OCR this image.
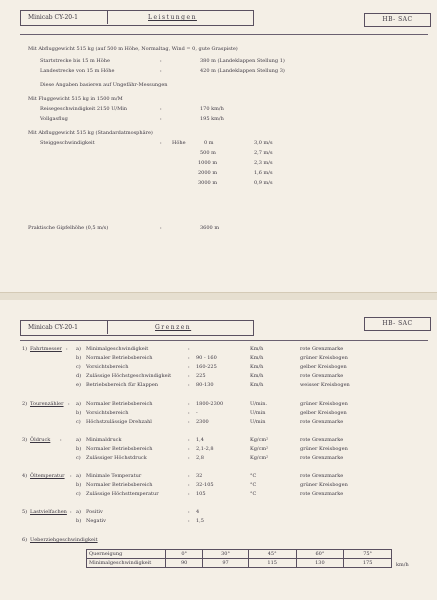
Minicab CY-20-1	Leistungen	HB- SAC
Mit Abfluggewicht 515 kg (auf 500 m Höhe, Normaltag, Wind = 0, gute Graspiste)
Startstrecke bis 15 m Höhe	:	380 m (Landeklappen Stellung 1)
Landestrecke von 15 m Höhe	:	420 m (Landeklappen Stellung 3)
Diese Angaben basieren auf Ungefähr-Messungen
Mit Fluggewicht 515 kg in 1500 m/M
Reisegeschwindigkeit 2150 U/Min	:	170 km/h
Vollgasflug	:	195 km/h
Mit Abfluggewicht 515 kg (Standardatmosphäre)
Steiggeschwindigkeit	: Höhe	0 m	3,0 m/s
500 m	2,7 m/s
1000 m	2,3 m/s
2000 m	1,6 m/s
3000 m	0,9 m/s
Praktische Gipfelhöhe (0,5 m/s)	:	3600 m
Minicab CY-20-1	Grenzen
HB- SAC
1) Fahrtmesser : a) Minimalgeschwindigkeit	:	Km/h	rote Grenzmarke
b) Normaler Betriebsbereich	: 90 - 160	Km/h	grüner Kreisbogen
c) Vorsichtsbereich	: 160-225	Km/h	gelber Kreisbogen
d) Zulässige Höchstgeschwindigkeit	: 225	Km/h	rote Grenzmarke
e) Betriebsbereich für Klappen	: 80-130	Km/h	weisser Kreisbogen
2) Tourenzähler : a) Normaler Betriebsbereich	: 1800-2300	U/min.	grüner Kreisbogen
b) Vorsichtsbereich	: -	U/min	gelber Kreisbogen
c) Höchstzulässige Drehzahl	: 2300	U/min	rote Grenzmarke
3) Öldruck :	a) Minimaldruck	: 1,4	Kg/cm²	rote Grenzmarke
b) Normaler Betriebsbereich	: 2,1-2,8	Kg/cm²	grüner Kreisbogen
c) Zulässiger Höchstdruck	: 2,8	Kg/cm²	rote Grenzmarke
4) Öltemperatur : a) Minimale Temperatur	: 32	°C	rote Grenzmarke
b) Normaler Betriebsbereich	: 32-105	°C	grüner Kreisbogen
c) Zulässige Höchsttemperatur	: 105	°C	rote Grenzmarke
5) Lastvielfachen : a) Positiv	: 4
b) Negativ	: 1,5
6) Ueberziehgeschwindigkeit
Querneigung	0°	30°	45°	60°	75°
Minimalgeschwindigkeit	90	97	115	130	175	km/h
